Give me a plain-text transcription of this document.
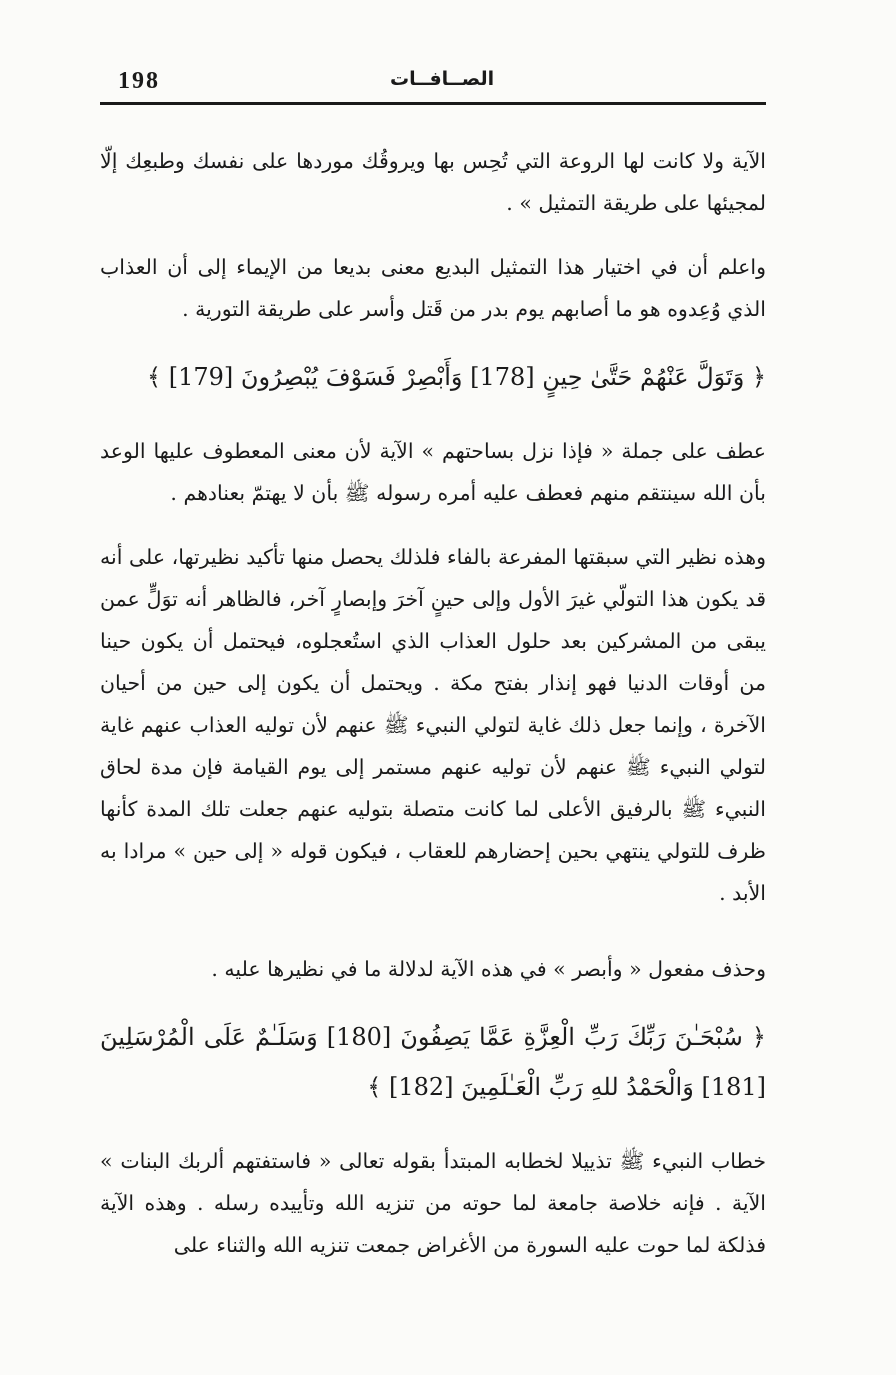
198	الصــافــات

الآية ولا كانت لها الروعة التي تُحِس بها ويروقُك موردها على نفسك وطبعِك إلّا لمجيئها على طريقة التمثيل » .

واعلم أن في اختيار هذا التمثيل البديع معنى بديعا من الإيماء إلى أن العذاب الذي وُعِدوه هو ما أصابهم يوم بدر من قَتل وأسر على طريقة التورية .

﴿ وَتَوَلَّ عَنْهُمْ حَتَّىٰ حِينٍ [178] وَأَبْصِرْ فَسَوْفَ يُبْصِرُونَ [179] ﴾

عطف على جملة « فإذا نزل بساحتهم » الآية لأن معنى المعطوف عليها الوعد بأن الله سينتقم منهم فعطف عليه أمره رسوله ﷺ بأن لا يهتمّ بعنادهم .

وهذه نظير التي سبقتها المفرعة بالفاء فلذلك يحصل منها تأكيد نظيرتها، على أنه قد يكون هذا التولّي غيرَ الأول وإلى حينٍ آخرَ وإبصارٍ آخر، فالظاهر أنه توَلٍّ عمن يبقى من المشركين بعد حلول العذاب الذي استُعجلوه، فيحتمل أن يكون حينا من أوقات الدنيا فهو إنذار بفتح مكة . ويحتمل أن يكون إلى حين من أحيان الآخرة ، وإنما جعل ذلك غاية لتولي النبيء ﷺ عنهم لأن توليه العذاب عنهم غاية لتولي النبيء ﷺ عنهم لأن توليه عنهم مستمر إلى يوم القيامة فإن مدة لحاق النبيء ﷺ بالرفيق الأعلى لما كانت متصلة بتوليه عنهم جعلت تلك المدة كأنها ظرف للتولي ينتهي بحين إحضارهم للعقاب ، فيكون قوله « إلى حين » مرادا به الأبد .

وحذف مفعول « وأبصر » في هذه الآية لدلالة ما في نظيرها عليه .

﴿ سُبْحَـٰنَ رَبِّكَ رَبِّ الْعِزَّةِ عَمَّا يَصِفُونَ [180] وَسَلَـٰمٌ عَلَى الْمُرْسَلِينَ [181] وَالْحَمْدُ للهِ رَبِّ الْعَـٰلَمِينَ [182] ﴾

خطاب النبيء ﷺ تذييلا لخطابه المبتدأ بقوله تعالى « فاستفتهم ألربك البنات » الآية . فإنه خلاصة جامعة لما حوته من تنزيه الله وتأييده رسله . وهذه الآية فذلكة لما حوت عليه السورة من الأغراض جمعت تنزيه الله والثناء على
